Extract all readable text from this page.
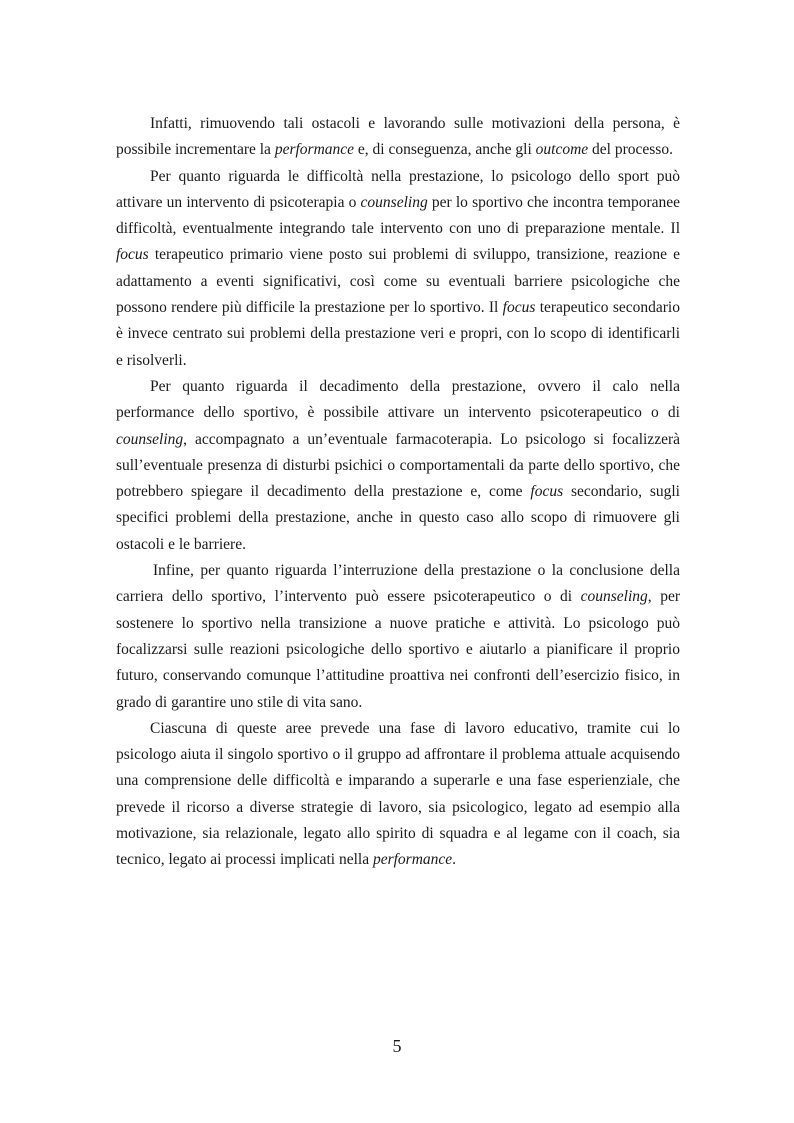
Infatti, rimuovendo tali ostacoli e lavorando sulle motivazioni della persona, è possibile incrementare la performance e, di conseguenza, anche gli outcome del processo.

Per quanto riguarda le difficoltà nella prestazione, lo psicologo dello sport può attivare un intervento di psicoterapia o counseling per lo sportivo che incontra temporanee difficoltà, eventualmente integrando tale intervento con uno di preparazione mentale. Il focus terapeutico primario viene posto sui problemi di sviluppo, transizione, reazione e adattamento a eventi significativi, così come su eventuali barriere psicologiche che possono rendere più difficile la prestazione per lo sportivo. Il focus terapeutico secondario è invece centrato sui problemi della prestazione veri e propri, con lo scopo di identificarli e risolverli.

Per quanto riguarda il decadimento della prestazione, ovvero il calo nella performance dello sportivo, è possibile attivare un intervento psicoterapeutico o di counseling, accompagnato a un’eventuale farmacoterapia. Lo psicologo si focalizzerà sull’eventuale presenza di disturbi psichici o comportamentali da parte dello sportivo, che potrebbero spiegare il decadimento della prestazione e, come focus secondario, sugli specifici problemi della prestazione, anche in questo caso allo scopo di rimuovere gli ostacoli e le barriere.

Infine, per quanto riguarda l’interruzione della prestazione o la conclusione della carriera dello sportivo, l’intervento può essere psicoterapeutico o di counseling, per sostenere lo sportivo nella transizione a nuove pratiche e attività. Lo psicologo può focalizzarsi sulle reazioni psicologiche dello sportivo e aiutarlo a pianificare il proprio futuro, conservando comunque l’attitudine proattiva nei confronti dell’esercizio fisico, in grado di garantire uno stile di vita sano.

Ciascuna di queste aree prevede una fase di lavoro educativo, tramite cui lo psicologo aiuta il singolo sportivo o il gruppo ad affrontare il problema attuale acquisendo una comprensione delle difficoltà e imparando a superarle e una fase esperienziale, che prevede il ricorso a diverse strategie di lavoro, sia psicologico, legato ad esempio alla motivazione, sia relazionale, legato allo spirito di squadra e al legame con il coach, sia tecnico, legato ai processi implicati nella performance.

5
